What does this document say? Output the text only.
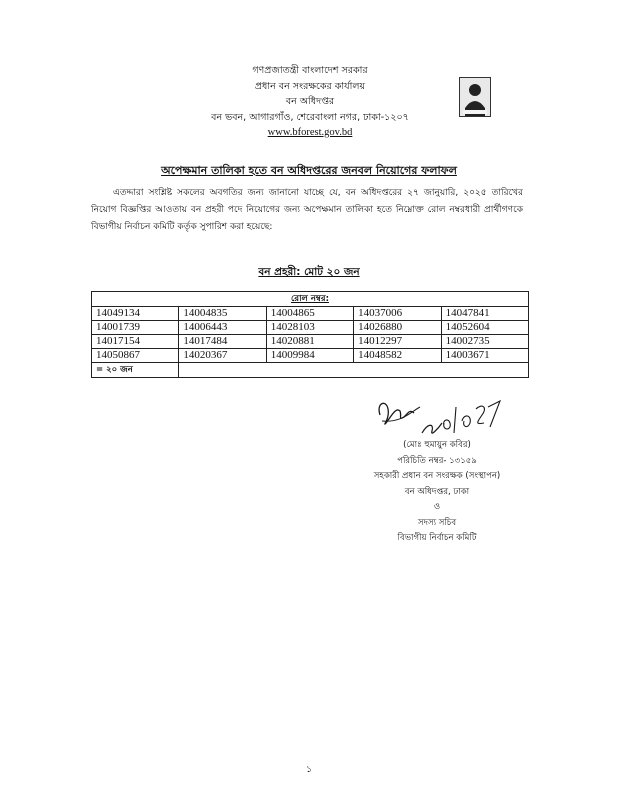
গণপ্রজাতন্ত্রী বাংলাদেশ সরকার
প্রধান বন সংরক্ষকের কার্যালয়
বন অধিদপ্তর
বন ভবন, আগারগাঁও, শেরেবাংলা নগর, ঢাকা-১২০৭
www.bforest.gov.bd
অপেক্ষমান তালিকা হতে বন অধিদপ্তরের জনবল নিয়োগের ফলাফল
এতদ্দারা সংশ্লিষ্ট সকলের অবগতির জন্য জানানো যাচ্ছে যে, বন অধিদপ্তরের ২৭ জানুয়ারি, ২০২৫ তারিখের নিয়োগ বিজ্ঞপ্তির আওতায় বন প্রহরী পদে নিয়োগের জন্য অপেক্ষমান তালিকা হতে নিম্নোক্ত রোল নম্বরধারী প্রার্থীগণকে বিভাগীয় নির্বাচন কমিটি কর্তৃক সুপারিশ করা হয়েছে:
বন প্রহরী: মোট ২০ জন
রোল নম্বর:				
14049134	14004835	14004865	14037006	14047841
14001739	14006443	14028103	14026880	14052604
14017154	14017484	14020881	14012297	14002735
14050867	14020367	14009984	14048582	14003671
= ২০ জন				
(মোঃ হুমায়ুন কবির)
পরিচিতি নম্বর- ১৩১৫৯
সহকারী প্রধান বন সংরক্ষক (সংস্থাপন)
বন অধিদপ্তর, ঢাকা
ও
সদস্য সচিব
বিভাগীয় নির্বাচন কমিটি
১
